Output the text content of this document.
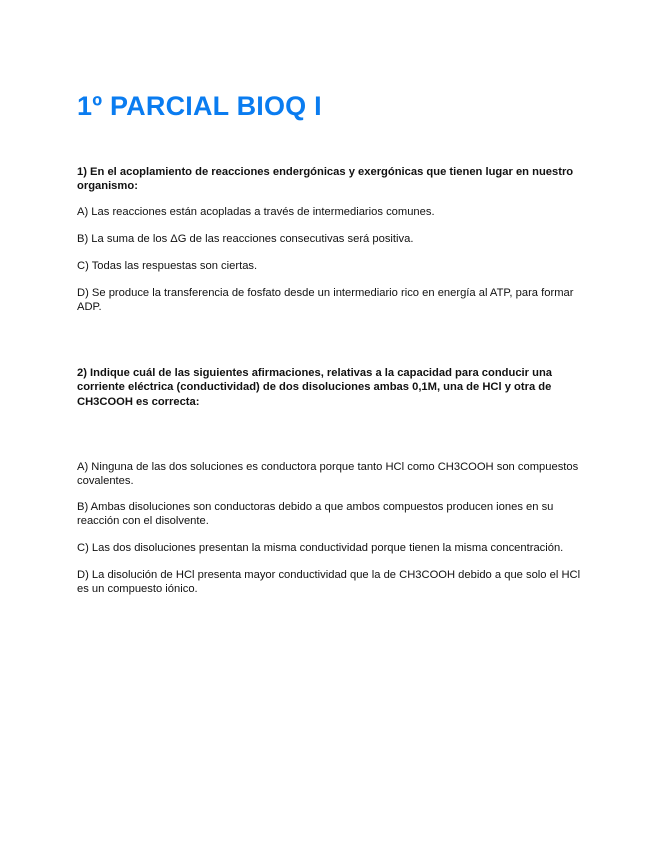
1º PARCIAL BIOQ I

1) En el acoplamiento de reacciones endergónicas y exergónicas que tienen lugar en nuestro organismo:

A) Las reacciones están acopladas a través de intermediarios comunes.

B) La suma de los ΔG de las reacciones consecutivas será positiva.

C) Todas las respuestas son ciertas.

D) Se produce la transferencia de fosfato desde un intermediario rico en energía al ATP, para formar ADP.

2) Indique cuál de las siguientes afirmaciones, relativas a la capacidad para conducir una corriente eléctrica (conductividad) de dos disoluciones ambas 0,1M, una de HCl y otra de CH3COOH es correcta:

A) Ninguna de las dos soluciones es conductora porque tanto HCl como CH3COOH son compuestos covalentes.

B) Ambas disoluciones son conductoras debido a que ambos compuestos producen iones en su reacción con el disolvente.

C) Las dos disoluciones presentan la misma conductividad porque tienen la misma concentración.

D) La disolución de HCl presenta mayor conductividad que la de CH3COOH debido a que solo el HCl es un compuesto iónico.
